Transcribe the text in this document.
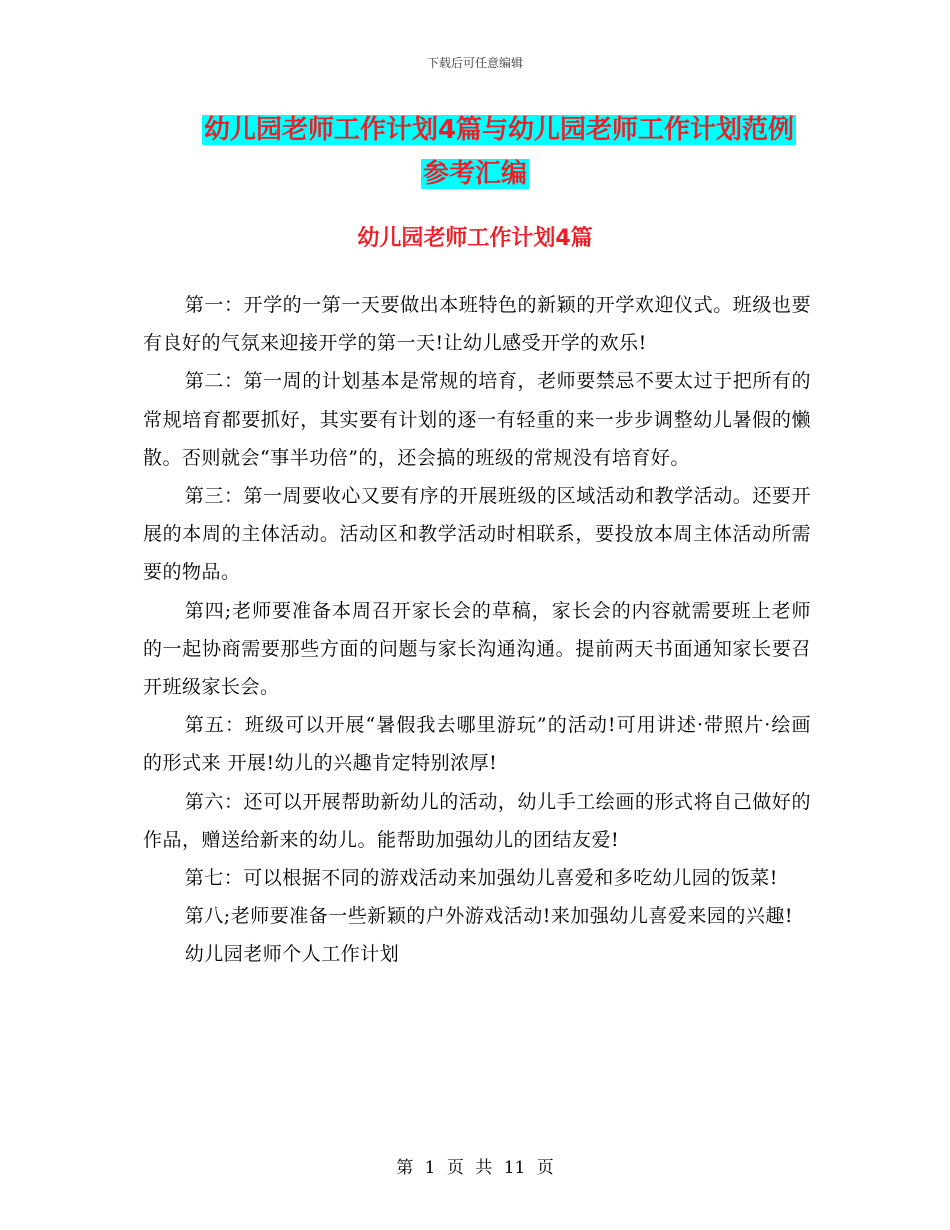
下载后可任意编辑
幼儿园老师工作计划4篇与幼儿园老师工作计划范例
参考汇编
幼儿园老师工作计划4篇

第一：开学的一第一天要做出本班特色的新颖的开学欢迎仪式。班级也要有良好的气氛来迎接开学的第一天!让幼儿感受开学的欢乐!

第二：第一周的计划基本是常规的培育，老师要禁忌不要太过于把所有的常规培育都要抓好，其实要有计划的逐一有轻重的来一步步调整幼儿暑假的懒散。否则就会“事半功倍”的，还会搞的班级的常规没有培育好。

第三：第一周要收心又要有序的开展班级的区域活动和教学活动。还要开展的本周的主体活动。活动区和教学活动时相联系，要投放本周主体活动所需要的物品。

第四;老师要准备本周召开家长会的草稿，家长会的内容就需要班上老师的一起协商需要那些方面的问题与家长沟通沟通。提前两天书面通知家长要召开班级家长会。

第五：班级可以开展“暑假我去哪里游玩”的活动!可用讲述·带照片·绘画的形式来 开展!幼儿的兴趣肯定特别浓厚!

第六：还可以开展帮助新幼儿的活动，幼儿手工绘画的形式将自己做好的作品，赠送给新来的幼儿。能帮助加强幼儿的团结友爱!

第七：可以根据不同的游戏活动来加强幼儿喜爱和多吃幼儿园的饭菜!

第八;老师要准备一些新颖的户外游戏活动!来加强幼儿喜爱来园的兴趣!

幼儿园老师个人工作计划

第 1 页 共 11 页
